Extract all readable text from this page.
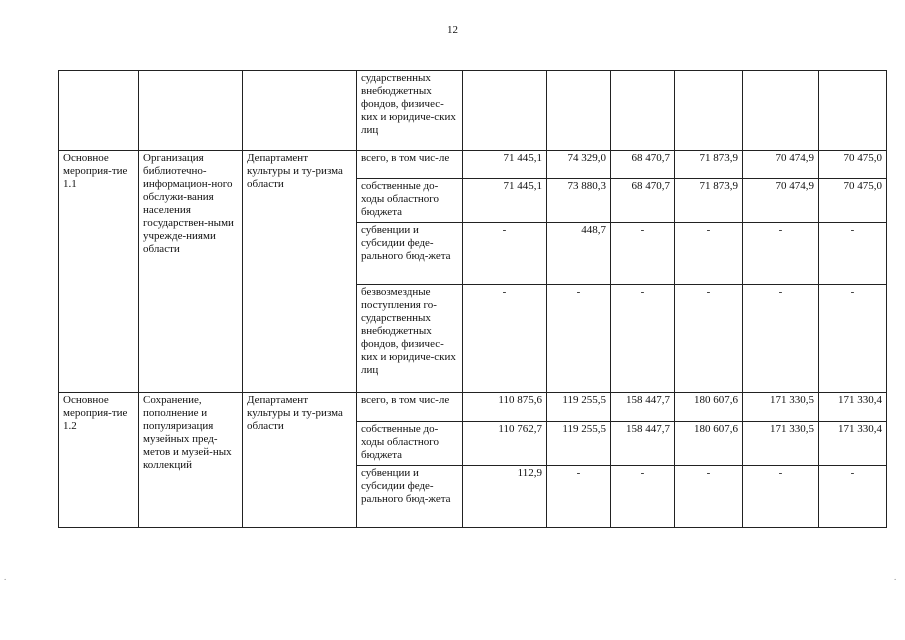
12
			сударственных внебюджетных фондов, физичес-ких и юридиче-ских лиц						
Основное мероприя-тие 1.1	Организация библиотечно-информацион-ного обслужи-вания населения государствен-ными учрежде-ниями области	Департамент культуры и ту-ризма области	всего, в том чис-ле	71 445,1	74 329,0	68 470,7	71 873,9	70 474,9	70 475,0
			собственные до-ходы областного бюджета	71 445,1	73 880,3	68 470,7	71 873,9	70 474,9	70 475,0
			субвенции и субсидии феде-рального бюд-жета	-	448,7	-	-	-	-
			безвозмездные поступления го-сударственных внебюджетных фондов, физичес-ких и юридиче-ских лиц	-	-	-	-	-	-
Основное мероприя-тие 1.2	Сохранение, пополнение и популяризация музейных пред-метов и музей-ных коллекций	Департамент культуры и ту-ризма области	всего, в том чис-ле	110 875,6	119 255,5	158 447,7	180 607,6	171 330,5	171 330,4
			собственные до-ходы областного бюджета	110 762,7	119 255,5	158 447,7	180 607,6	171 330,5	171 330,4
			субвенции и субсидии феде-рального бюд-жета	112,9	-	-	-	-	-
.	.
